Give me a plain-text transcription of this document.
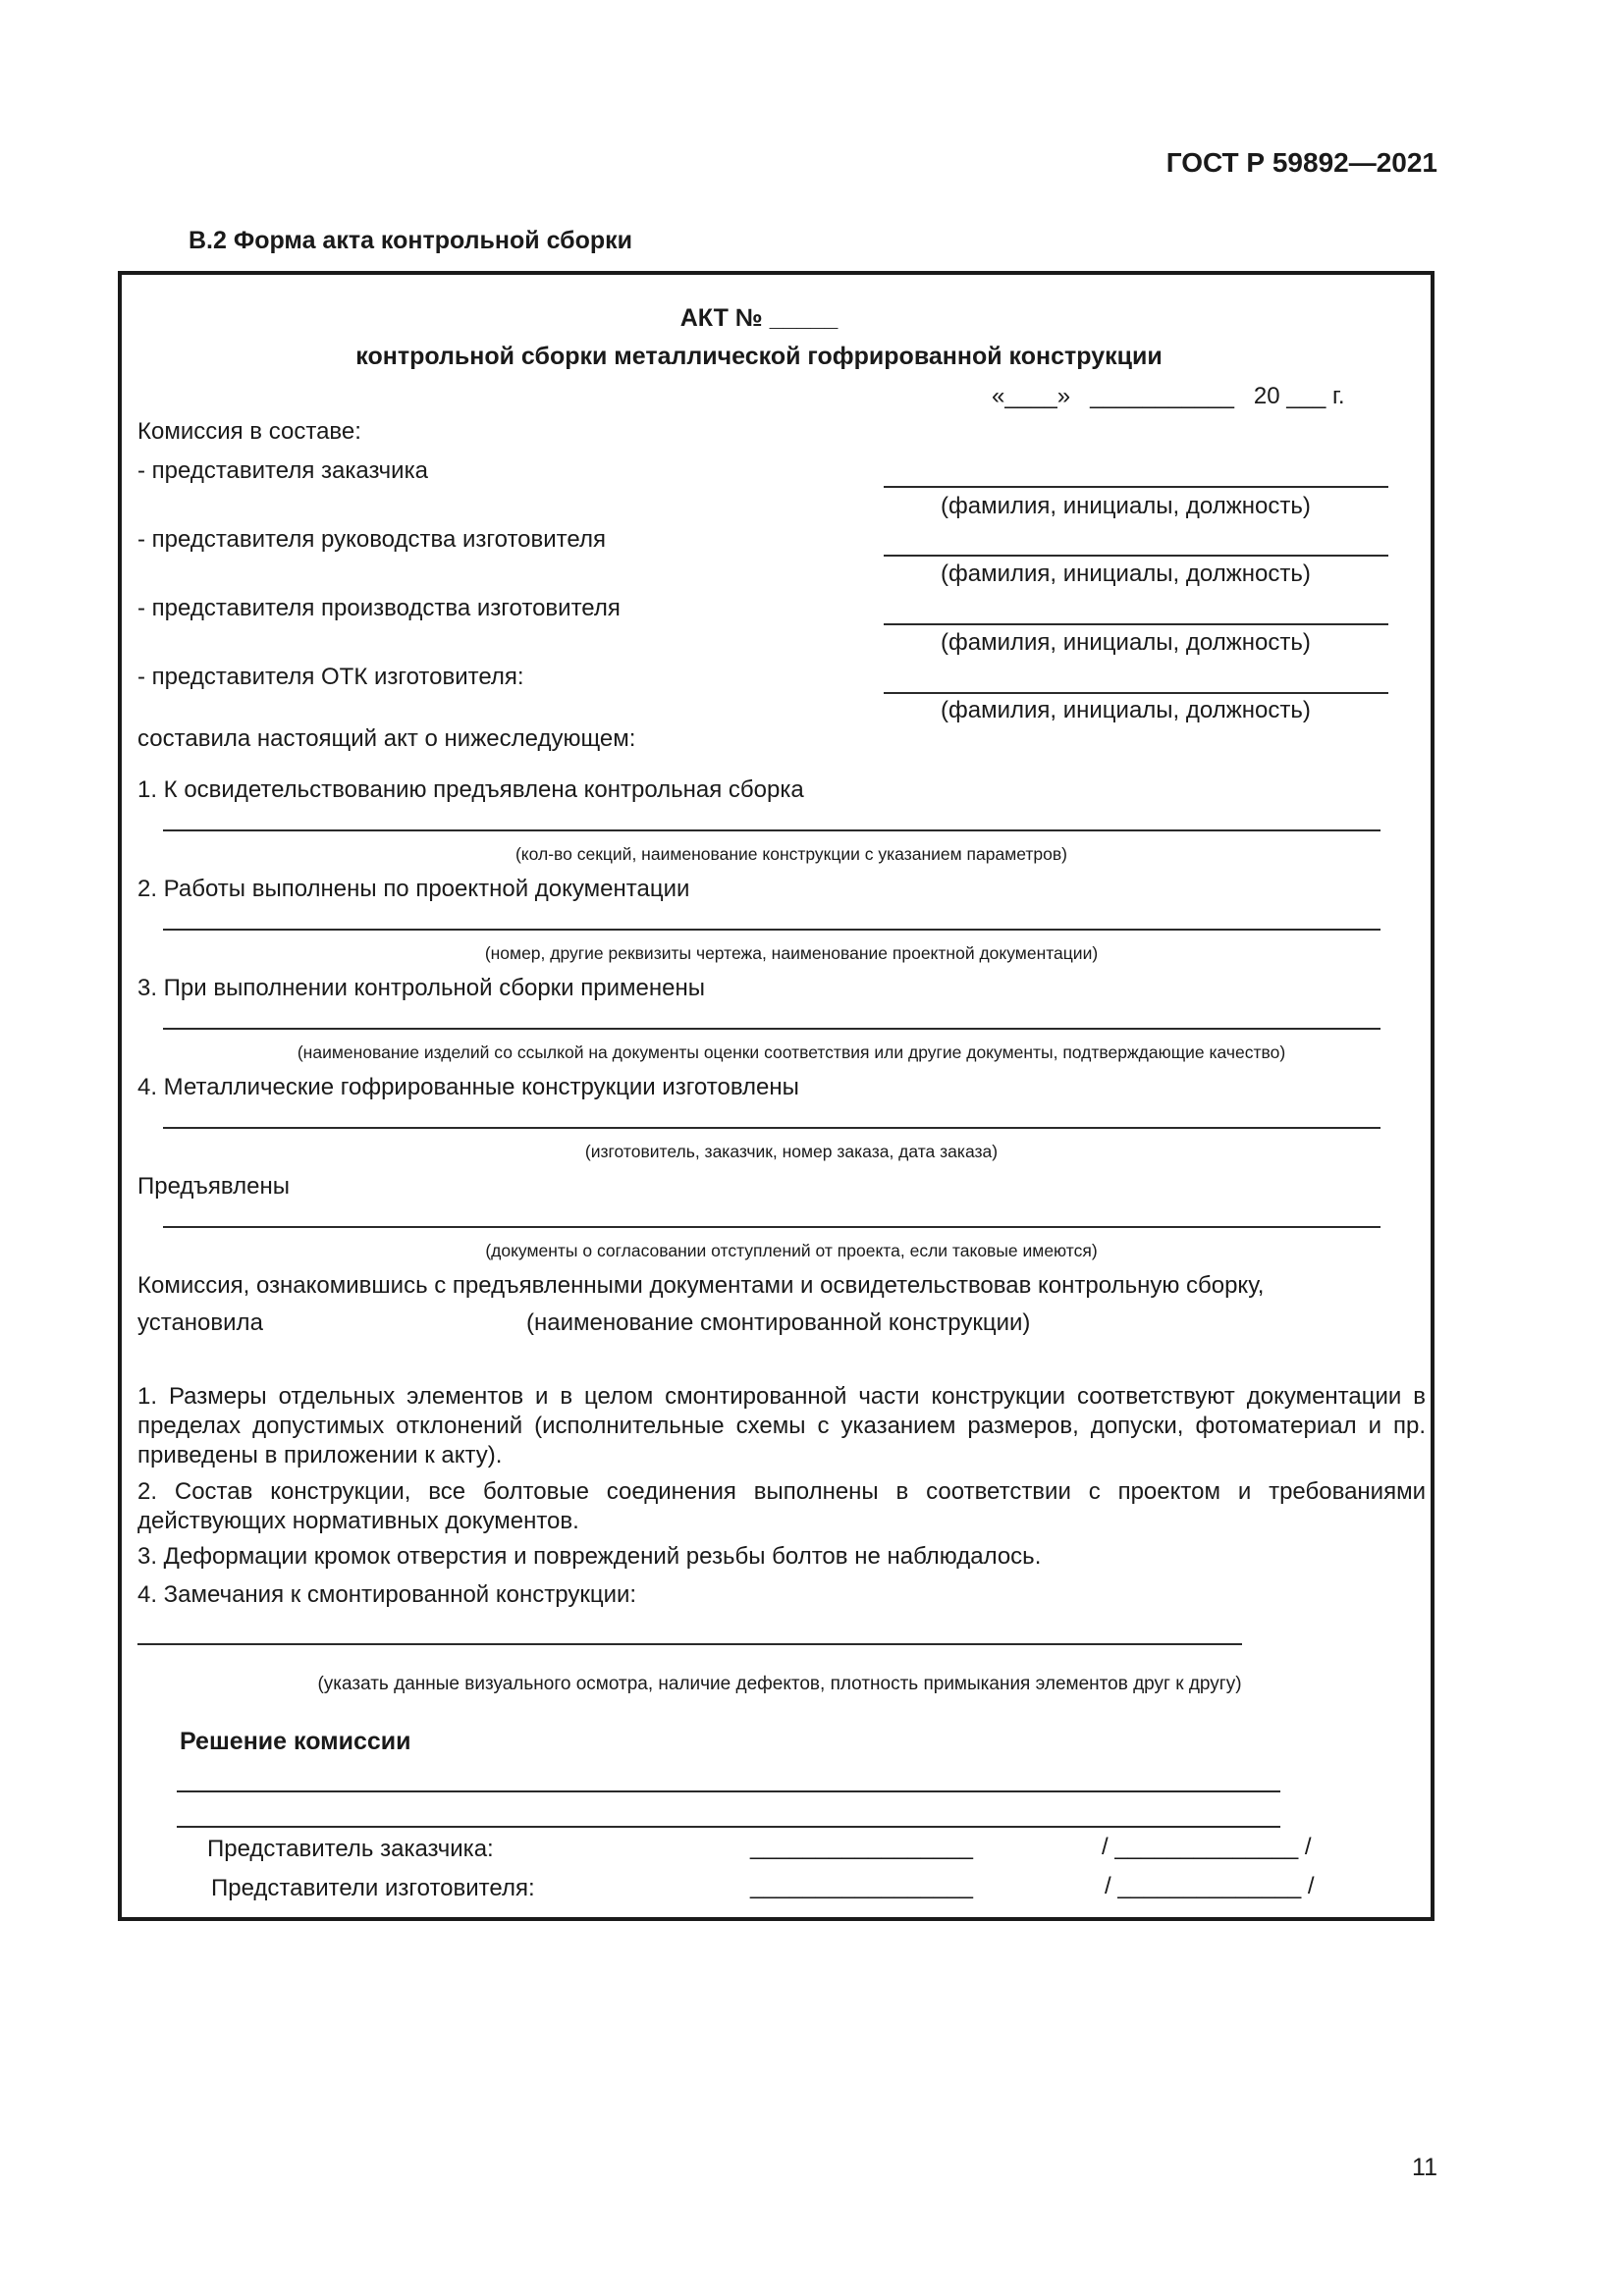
ГОСТ Р 59892—2021
В.2 Форма акта контрольной сборки
АКТ № _____
контрольной сборки металлической гофрированной конструкции
«____»   ___________   20 ___ г.
Комиссия в составе:
- представителя заказчика
(фамилия, инициалы, должность)
- представителя руководства изготовителя
(фамилия, инициалы, должность)
- представителя производства изготовителя
(фамилия, инициалы, должность)
- представителя ОТК изготовителя:
(фамилия, инициалы, должность)
составила настоящий акт о нижеследующем:
1. К освидетельствованию предъявлена контрольная сборка
(кол-во секций, наименование конструкции с указанием параметров)
2. Работы выполнены по проектной документации
(номер, другие реквизиты чертежа, наименование проектной документации)
3. При выполнении контрольной сборки применены
(наименование изделий со ссылкой на документы оценки соответствия или другие документы, подтверждающие качество)
4. Металлические гофрированные конструкции изготовлены
(изготовитель, заказчик, номер заказа, дата заказа)
Предъявлены
(документы о согласовании отступлений от проекта, если таковые имеются)
Комиссия, ознакомившись с предъявленными документами и освидетельствовав контрольную сборку,
установила	(наименование смонтированной конструкции)
1. Размеры отдельных элементов и в целом смонтированной части конструкции соответствуют документации в пределах допустимых отклонений (исполнительные схемы с указанием размеров, допуски, фотоматериал и пр. приведены в приложении к акту).
2. Состав конструкции, все болтовые соединения выполнены в соответствии с проектом и требованиями действующих нормативных документов.
3. Деформации кромок отверстия и повреждений резьбы болтов не наблюдалось.
4. Замечания к смонтированной конструкции:
(указать данные визуального осмотра, наличие дефектов, плотность примыкания элементов друг к другу)
Решение комиссии
Представитель заказчика:	_________________	/ ______________ /
Представители изготовителя:	_________________	/ ______________ /
11
